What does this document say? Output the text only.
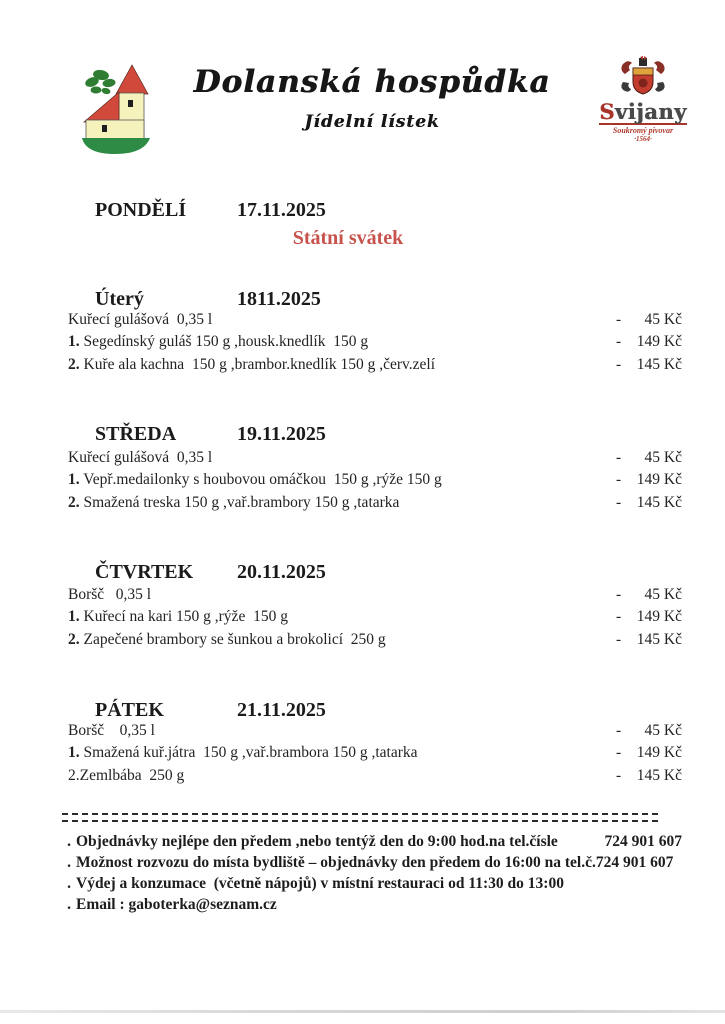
Dolanská hospůdka
Jídelní lístek	Svijany
Soukromý pivovar
·1564·

PONDĚLÍ	17.11.2025

Státní svátek

Úterý	1811.2025

Kuřecí gulášová  0,35 l	-	45 Kč
1. Segedínský guláš 150 g ,housk.knedlík  150 g	-	149 Kč
2. Kuře ala kachna  150 g ,brambor.knedlík 150 g ,červ.zelí	-	145 Kč

STŘEDA	19.11.2025

Kuřecí gulášová  0,35 l	-	45 Kč
1. Vepř.medailonky s houbovou omáčkou  150 g ,rýže 150 g	-	149 Kč
2. Smažená treska 150 g ,vař.brambory 150 g ,tatarka	-	145 Kč

ČTVRTEK 20.11.2025

Boršč   0,35 l	-	45 Kč
1. Kuřecí na kari 150 g ,rýže  150 g	-	149 Kč
2. Zapečené brambory se šunkou a brokolicí  250 g	-	145 Kč

PÁTEK	21.11.2025

Boršč    0,35 l	-	45 Kč
1. Smažená kuř.játra  150 g ,vař.brambora 150 g ,tatarka	-	149 Kč
2.Zemlbába  250 g	-	145 Kč
. Objednávky nejlépe den předem ,nebo tentýž den do 9:00 hod.na tel.čísle	724 901 607
. Možnost rozvozu do místa bydliště – objednávky den předem do 16:00 na tel.č.724 901 607
. Výdej a konzumace  (včetně nápojů) v místní restauraci od 11:30 do 13:00
. Email : gaboterka@seznam.cz
